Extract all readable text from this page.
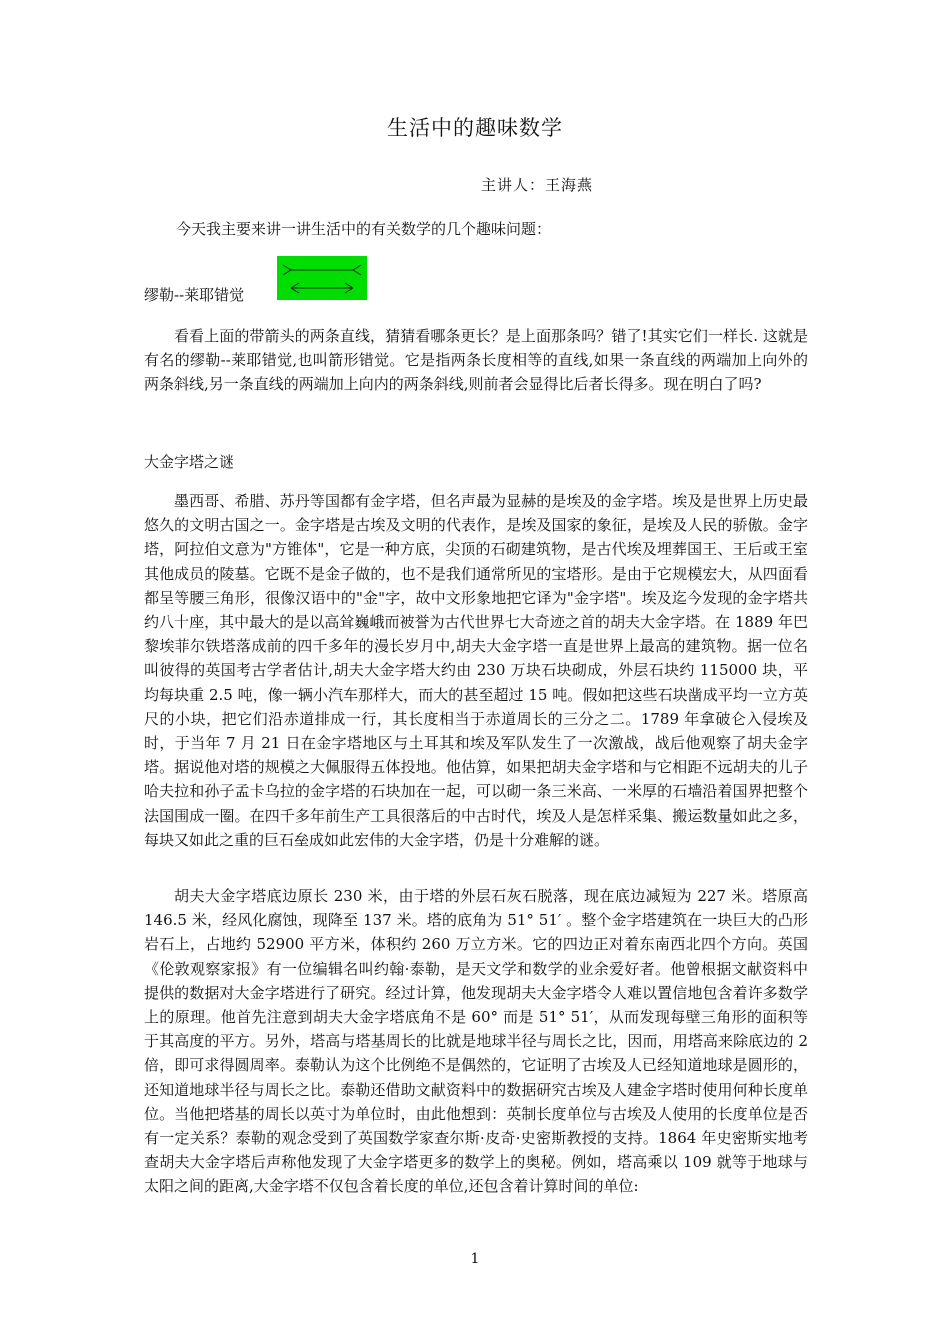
生活中的趣味数学
主讲人：王海燕
今天我主要来讲一讲生活中的有关数学的几个趣味问题：
缪勒--莱耶错觉

看看上面的带箭头的两条直线，猜猜看哪条更长？是上面那条吗？错了!其实它们一样长. 这就是有名的缪勒--莱耶错觉,也叫箭形错觉。它是指两条长度相等的直线,如果一条直线的两端加上向外的两条斜线,另一条直线的两端加上向内的两条斜线,则前者会显得比后者长得多。现在明白了吗?

大金字塔之谜

墨西哥、希腊、苏丹等国都有金字塔，但名声最为显赫的是埃及的金字塔。埃及是世界上历史最悠久的文明古国之一。金字塔是古埃及文明的代表作，是埃及国家的象征，是埃及人民的骄傲。金字塔，阿拉伯文意为"方锥体"，它是一种方底，尖顶的石砌建筑物，是古代埃及埋葬国王、王后或王室其他成员的陵墓。它既不是金子做的，也不是我们通常所见的宝塔形。是由于它规模宏大，从四面看都呈等腰三角形，很像汉语中的"金"字，故中文形象地把它译为"金字塔"。埃及迄今发现的金字塔共约八十座，其中最大的是以高耸巍峨而被誉为古代世界七大奇迹之首的胡夫大金字塔。在 1889 年巴黎埃菲尔铁塔落成前的四千多年的漫长岁月中,胡夫大金字塔一直是世界上最高的建筑物。据一位名叫彼得的英国考古学者估计,胡夫大金字塔大约由 230 万块石块砌成，外层石块约 115000 块，平均每块重 2.5 吨，像一辆小汽车那样大，而大的甚至超过 15 吨。假如把这些石块凿成平均一立方英尺的小块，把它们沿赤道排成一行，其长度相当于赤道周长的三分之二。1789 年拿破仑入侵埃及时，于当年 7 月 21 日在金字塔地区与土耳其和埃及军队发生了一次激战，战后他观察了胡夫金字塔。据说他对塔的规模之大佩服得五体投地。他估算，如果把胡夫金字塔和与它相距不远胡夫的儿子哈夫拉和孙子孟卡乌拉的金字塔的石块加在一起，可以砌一条三米高、一米厚的石墙沿着国界把整个法国围成一圈。在四千多年前生产工具很落后的中古时代，埃及人是怎样采集、搬运数量如此之多，每块又如此之重的巨石垒成如此宏伟的大金字塔，仍是十分难解的谜。

胡夫大金字塔底边原长 230 米，由于塔的外层石灰石脱落，现在底边减短为 227 米。塔原高 146.5 米，经风化腐蚀，现降至 137 米。塔的底角为 51° 51′ 。整个金字塔建筑在一块巨大的凸形岩石上，占地约 52900 平方米，体积约 260 万立方米。它的四边正对着东南西北四个方向。英国《伦敦观察家报》有一位编辑名叫约翰·泰勒，是天文学和数学的业余爱好者。他曾根据文献资料中提供的数据对大金字塔进行了研究。经过计算，他发现胡夫大金字塔令人难以置信地包含着许多数学上的原理。他首先注意到胡夫大金字塔底角不是 60° 而是 51° 51′，从而发现每壁三角形的面积等于其高度的平方。另外，塔高与塔基周长的比就是地球半径与周长之比，因而，用塔高来除底边的 2 倍，即可求得圆周率。泰勒认为这个比例绝不是偶然的，它证明了古埃及人已经知道地球是圆形的，还知道地球半径与周长之比。泰勒还借助文献资料中的数据研究古埃及人建金字塔时使用何种长度单位。当他把塔基的周长以英寸为单位时，由此他想到：英制长度单位与古埃及人使用的长度单位是否有一定关系？泰勒的观念受到了英国数学家查尔斯·皮奇·史密斯教授的支持。1864 年史密斯实地考查胡夫大金字塔后声称他发现了大金字塔更多的数学上的奥秘。例如，塔高乘以 109 就等于地球与太阳之间的距离,大金字塔不仅包含着长度的单位,还包含着计算时间的单位:

1
